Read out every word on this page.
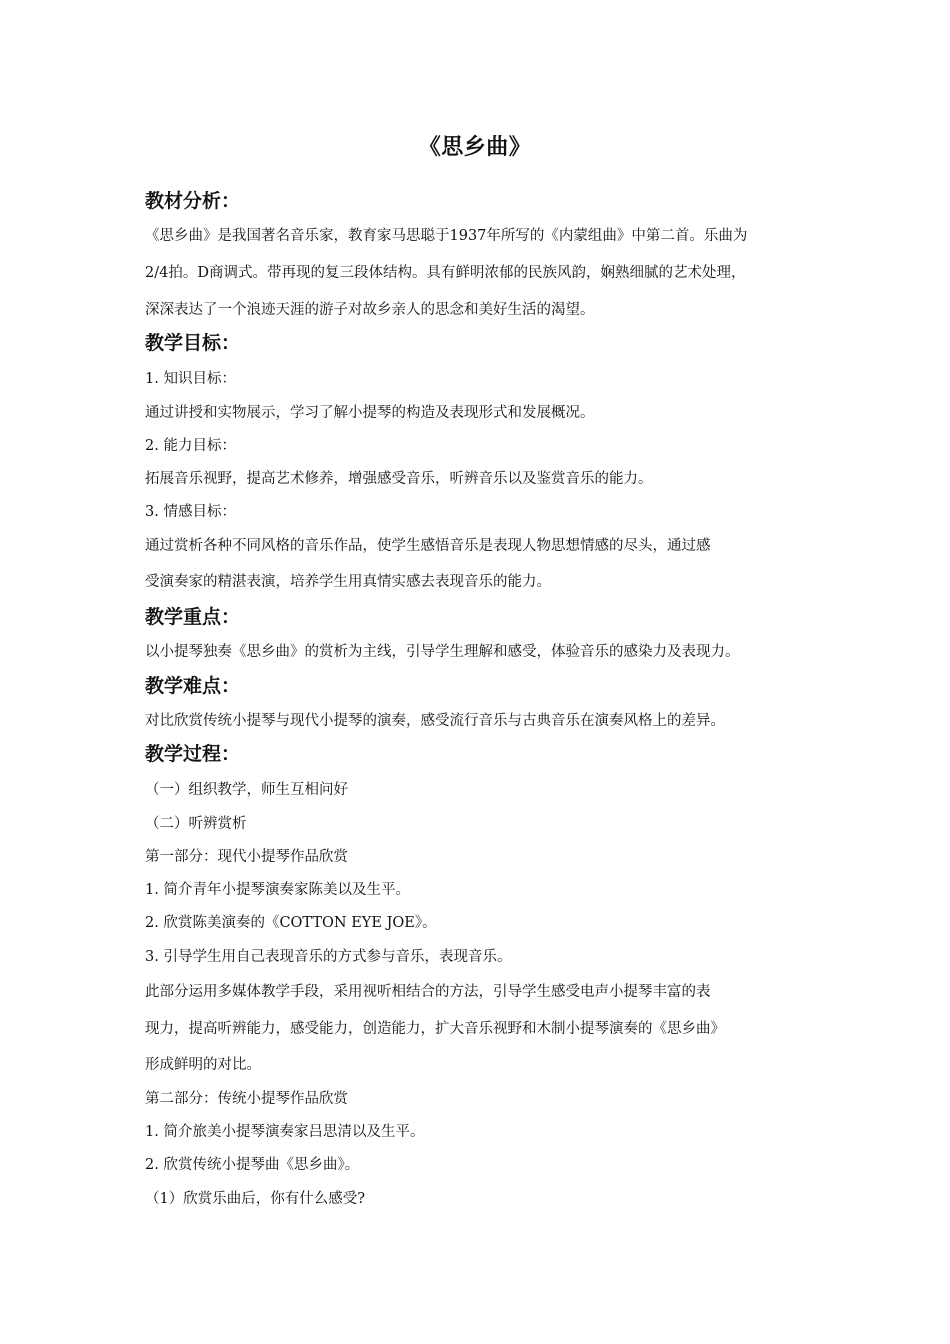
《思乡曲》
教材分析：
《思乡曲》是我国著名音乐家，教育家马思聪于1937年所写的《内蒙组曲》中第二首。乐曲为
2/4拍。D商调式。带再现的复三段体结构。具有鲜明浓郁的民族风韵，娴熟细腻的艺术处理，
深深表达了一个浪迹天涯的游子对故乡亲人的思念和美好生活的渴望。
教学目标：
1. 知识目标：
通过讲授和实物展示，学习了解小提琴的构造及表现形式和发展概况。
2. 能力目标：
拓展音乐视野，提高艺术修养，增强感受音乐，听辨音乐以及鉴赏音乐的能力。
3. 情感目标：
通过赏析各种不同风格的音乐作品，使学生感悟音乐是表现人物思想情感的尽头，通过感
受演奏家的精湛表演，培养学生用真情实感去表现音乐的能力。
教学重点：
以小提琴独奏《思乡曲》的赏析为主线，引导学生理解和感受，体验音乐的感染力及表现力。
教学难点：
对比欣赏传统小提琴与现代小提琴的演奏，感受流行音乐与古典音乐在演奏风格上的差异。
教学过程：
（一）组织教学，师生互相问好
（二）听辨赏析
第一部分：现代小提琴作品欣赏
1. 简介青年小提琴演奏家陈美以及生平。
2. 欣赏陈美演奏的《COTTON EYE JOE》。
3. 引导学生用自己表现音乐的方式参与音乐，表现音乐。
此部分运用多媒体教学手段，采用视听相结合的方法，引导学生感受电声小提琴丰富的表
现力，提高听辨能力，感受能力，创造能力，扩大音乐视野和木制小提琴演奏的《思乡曲》
形成鲜明的对比。
第二部分：传统小提琴作品欣赏
1. 简介旅美小提琴演奏家吕思清以及生平。
2. 欣赏传统小提琴曲《思乡曲》。
（1）欣赏乐曲后，你有什么感受?
